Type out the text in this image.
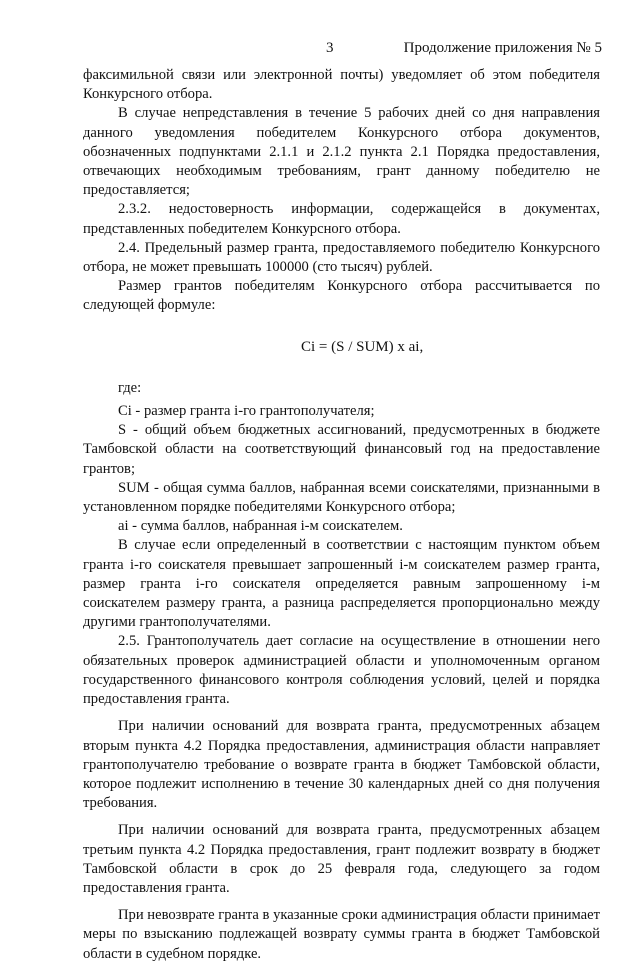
3	Продолжение приложения № 5

факсимильной связи или электронной почты) уведомляет об этом победителя Конкурсного отбора.

В случае непредставления в течение 5 рабочих дней со дня направления данного уведомления победителем Конкурсного отбора документов, обозначенных подпунктами 2.1.1 и 2.1.2 пункта 2.1 Порядка предоставления, отвечающих необходимым требованиям, грант данному победителю не предоставляется;

2.3.2. недостоверность информации, содержащейся в документах, представленных победителем Конкурсного отбора.

2.4. Предельный размер гранта, предоставляемого победителю Конкурсного отбора, не может превышать 100000 (сто тысяч) рублей.

Размер грантов победителям Конкурсного отбора рассчитывается по следующей формуле:

Ci = (S / SUM) x ai,

где:

Ci - размер гранта i-го грантополучателя;

S - общий объем бюджетных ассигнований, предусмотренных в бюджете Тамбовской области на соответствующий финансовый год на предоставление грантов;

SUM - общая сумма баллов, набранная всеми соискателями, признанными в установленном порядке победителями Конкурсного отбора;

ai - сумма баллов, набранная i-м соискателем.

В случае если определенный в соответствии с настоящим пунктом объем гранта i-го соискателя превышает запрошенный i-м соискателем размер гранта, размер гранта i-го соискателя определяется равным запрошенному i-м соискателем размеру гранта, а разница распределяется пропорционально между другими грантополучателями.

2.5. Грантополучатель дает согласие на осуществление в отношении него обязательных проверок администрацией области и уполномоченным органом государственного финансового контроля соблюдения условий, целей и порядка предоставления гранта.

При наличии оснований для возврата гранта, предусмотренных абзацем вторым пункта 4.2 Порядка предоставления, администрация области направляет грантополучателю требование о возврате гранта в бюджет Тамбовской области, которое подлежит исполнению в течение 30 календарных дней со дня получения требования.

При наличии оснований для возврата гранта, предусмотренных абзацем третьим пункта 4.2 Порядка предоставления, грант подлежит возврату в бюджет Тамбовской области в срок до 25 февраля года, следующего за годом предоставления гранта.

При невозврате гранта в указанные сроки администрация области принимает меры по взысканию подлежащей возврату суммы гранта в бюджет Тамбовской области в судебном порядке.
